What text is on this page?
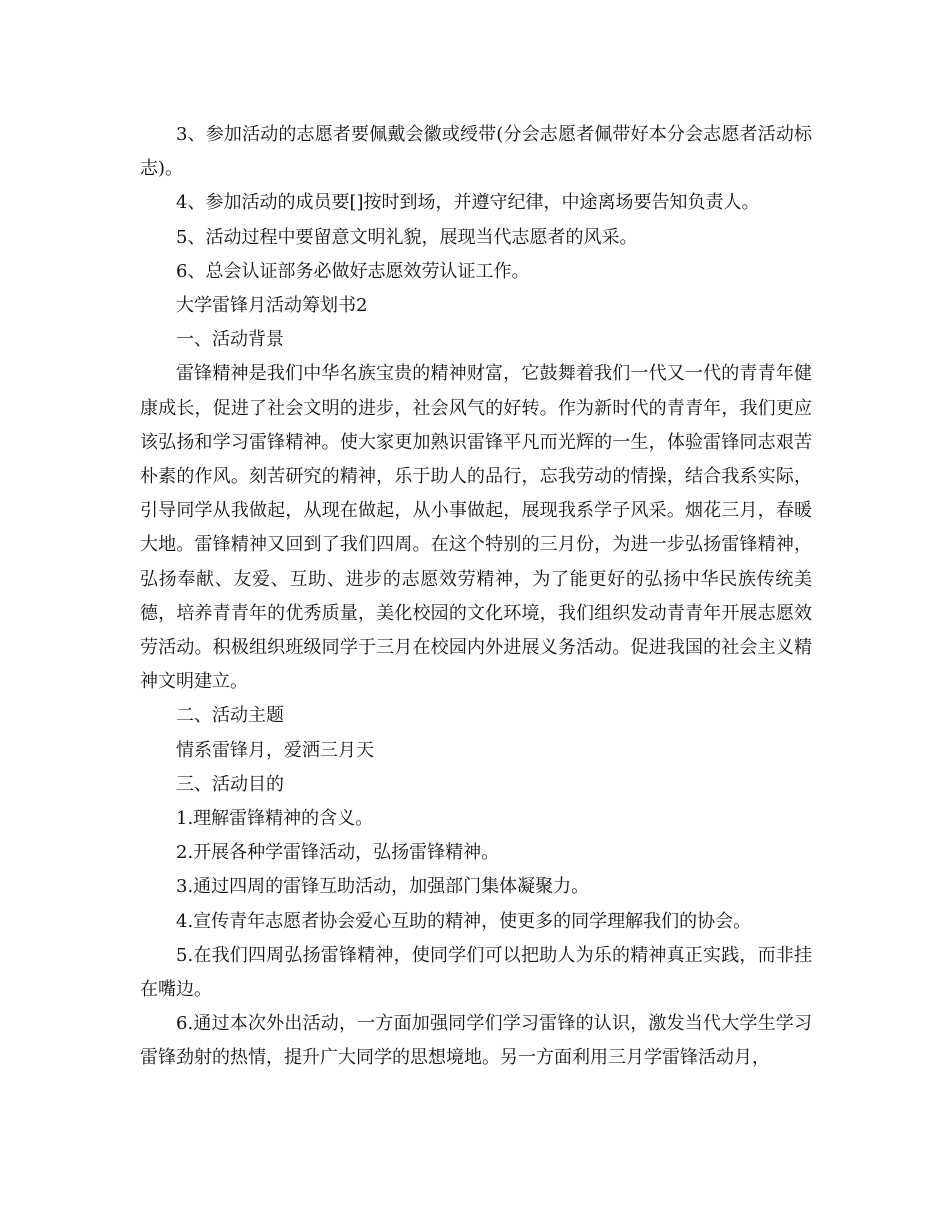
3、参加活动的志愿者要佩戴会徽或绶带(分会志愿者佩带好本分会志愿者活动标志)。

4、参加活动的成员要[]按时到场，并遵守纪律，中途离场要告知负责人。

5、活动过程中要留意文明礼貌，展现当代志愿者的风采。

6、总会认证部务必做好志愿效劳认证工作。

大学雷锋月活动筹划书2

一、活动背景

雷锋精神是我们中华名族宝贵的精神财富，它鼓舞着我们一代又一代的青青年健康成长，促进了社会文明的进步，社会风气的好转。作为新时代的青青年，我们更应该弘扬和学习雷锋精神。使大家更加熟识雷锋平凡而光辉的一生，体验雷锋同志艰苦朴素的作风。刻苦研究的精神，乐于助人的品行，忘我劳动的情操，结合我系实际，引导同学从我做起，从现在做起，从小事做起，展现我系学子风采。烟花三月，春暖大地。雷锋精神又回到了我们四周。在这个特别的三月份，为进一步弘扬雷锋精神，弘扬奉献、友爱、互助、进步的志愿效劳精神，为了能更好的弘扬中华民族传统美德，培养青青年的优秀质量，美化校园的文化环境，我们组织发动青青年开展志愿效劳活动。积极组织班级同学于三月在校园内外进展义务活动。促进我国的社会主义精神文明建立。

二、活动主题

情系雷锋月，爱洒三月天

三、活动目的

1.理解雷锋精神的含义。

2.开展各种学雷锋活动，弘扬雷锋精神。

3.通过四周的雷锋互助活动，加强部门集体凝聚力。

4.宣传青年志愿者协会爱心互助的精神，使更多的同学理解我们的协会。

5.在我们四周弘扬雷锋精神，使同学们可以把助人为乐的精神真正实践，而非挂在嘴边。

6.通过本次外出活动，一方面加强同学们学习雷锋的认识，激发当代大学生学习雷锋劲射的热情，提升广大同学的思想境地。另一方面利用三月学雷锋活动月，
